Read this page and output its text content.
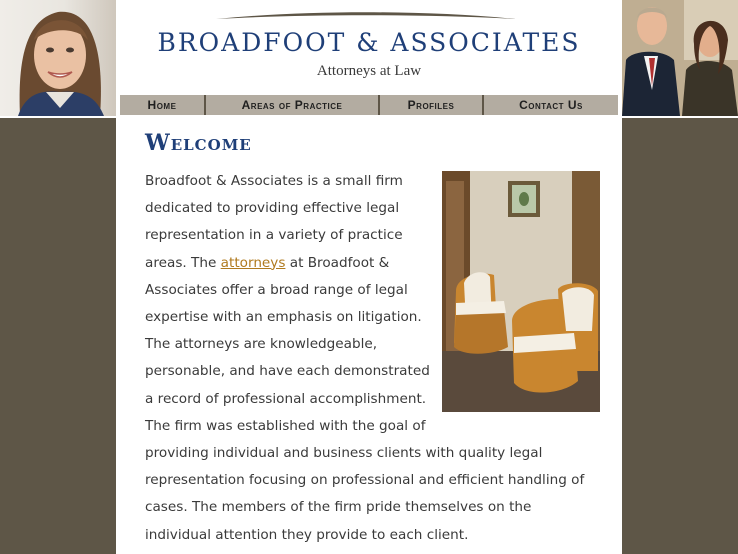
BROADFOOT & ASSOCIATES
Attorneys at Law
Home	Areas of Practice	Profiles	Contact Us
Welcome

Broadfoot & Associates is a small firm dedicated to providing effective legal representation in a variety of practice areas. The attorneys at Broadfoot & Associates offer a broad range of legal expertise with an emphasis on litigation. The attorneys are knowledgeable, personable, and have each demonstrated a record of professional accomplishment. The firm was established with the goal of providing individual and business clients with quality legal representation focusing on professional and efficient handling of cases. The members of the firm pride themselves on the individual attention they provide to each client.
